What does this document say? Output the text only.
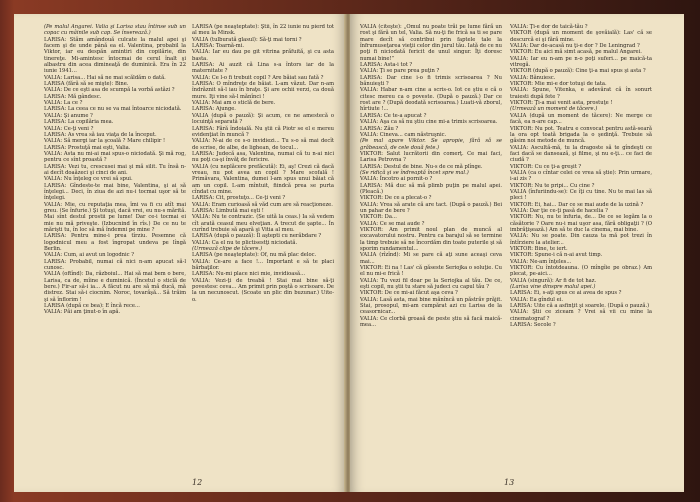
(Pe malul Angarei. Valia şi Larisa stau întinse sub un copac cu mâinile sub cap. Se înserează.)

LARISA: Stăm amândouă culcate la malul apei şi facem şi de unde până ea el. Valentina, probabil la Viktor, iar eu despăn amintiri din copilărie, din tinereţe. Mi-amintesc întocmai de cerul înalt şi albastru din acea dimineaţă de duminică. Era în 22 iunie 1941...

VALIA: Larisa... Hai să ne mai scăldăm o dată.

LARISA (fără să se mişte): Bine.

VALIA: De ce eşti asa de scumpă la vorbă astăzi ?

LARISA: Mă gândesc.

VALIA: La ce ?

LARISA: La ceea ce nu se va mai întoarce niciodată.

VALIA: Şi anume ?

LARISA: La copilăria mea.

VALIA: Ce-ţi veni ?

LARISA: As vrea să iau viaţa de la început.

VALIA: Să mergi iar la şcoală ? Mare chilipir !

LARISA: Prostuţă mai eşti, Valia.

VALIA: Asta nu mi-ai mai spus-o niciodată. Şi mă rog, pentru ce sînt proastă ?

LARISA: Vezi tu, crescusei mai şi mă silit. Tu însă n-ai decît doaăzeci şi cinci de ani.

VALIA: Nu înţeleg ce vrei să spui.

LARISA: Gîndeste-te mai bine, Valentina, şi ai să înţelegi... Deci, în ziua de azi nu-i tocmai uşor să te înţelegi.

VALIA: Mie, cu reputaţia mea, îmi va fi cu atît mai greu. (Se înfurie.) Şi totuşi, dacă vrei, eu nu-s mărită. Mai sînt destul prostii pe lume! Dar ce-i tocmai ei mie nu mă priveşte. (Izbucnind în rîs.) De ce nu te mărişti tu, în loc să mă îndemni pe mine ?

LARISA: Pentru mine-i prea tîrziu. Pesemne că logodnicul meu a fost îngropat undeva pe lîngă Berlin.

VALIA: Cum, ai avut un logodnic ?

LARISA: Probabil, numai că nici n-am apucat să-l cunosc.

VALIA (oftînd): Da, războiul... Hai să mai bem o bere, Larisa, ca de, mîine e duminică. (Încetul o sticlă de bere.) Fir-ar să-i ia... A făcut nu are să mă ducă, mă distrez. Stai să-i ciocnim. Noroc, tovarăşă... Să trăim şi să înflorim !

LARISA (după ce bea): E încă rece...

VALIA: Păi am ţinut-o în apă.

LARISA (pe neaşteptate): Ştii, în 22 iunie nu pierd tot al meu la Minsk.

VALIA (tulburată glasul): Să-ţi mai torni ?

LARISA: Toarnă-mi.

VALIA: Iar eu dau pe git vitrina prăfuită, şi cu asta basta.

LARISA: Ai auzit că Lina s-a întors iar de la maternitate ?

VALIA: Ce l-o fi trebuit copil ? Are băiat sau fată ?

LARISA: O mîndreţe de băiat. L-am văzut. Dar n-am îndrăznit să-l iau în braţe. Şi are ochii verzi, ca două mure. Iţi vine să-l mănînci !

VALIA: Mai am o sticlă de bere.

LARISA: Ajunge.

VALIA (după o pauză): Şi acum, ce ne amestecă o locuinţă separată ?

LARISA: Fără îndoială. Nu ştii că Piotr se el e mereu evidenţiat în muncă ?

VALIA: N-ai de ce s-o invidiezi... Tu s-o să mai decît de scrise, de albe, de lighean, de tocul...

LARISA: Judecă asa, Valentina, numai că tu n-ai nici nu poţi ca-şi învăţ de fericire.

VALIA (cu neplăcere prefăcută): Ei, aş! Crezi că dacă vreau, nu pot avea un copil ? Mare scofală ! Primăvara, Valentina, dumei l-am spus unui băiat că am un copil. L-am mîntuit, fiindcă prea se purta cîndat cu mine.

LARISA: Cit, prostuţo... Ce-ţi veni ?

VALIA: Eram curioasă să văd cum are să reacţioneze.

LARISA: Limbută mai eşti !

VALIA: Nu te contrazic. (Se uită la ceas.) Ia să vedem cît arată ceasul meu elveţian. A trecut de şapte... În curînd trebuie să apară şi Vitia al meu.

LARISA (după o pauză): Îl aştepti cu nerăbdare ?

VALIA: Ca el nu te plictisestţi niciodată.

(Urmează clipe de tăcere.)

LARISA (pe neaşteptate): Of, nu mă plac deloc.

VALIA: Ce-are a face !... Important e să te placi bărbaţilor.

LARISA: Nu-mi place nici mie, invidioasă...

VALIA: Vezi-ţi de treabă ! Stai mai bine să-ţi povestesc ceva... Am primit prin poştă o scrisoare. De la un necunoscut. (Scoate un plic din buzunar.) Uite-o.

12

VALIA (citeşte): „Omul nu poate trăi pe lume fără un rost şi fără un tel, Valia. Să nu-ţi fie frică sa ti se pare mare decît să contribui prin faptele tale la înfrumuseţarea vieţii celor din jurul tău. Iată de ce nu poţi fi niciodată fericit de unul singur. Îţi doresc numai bine!”

LARISA: Asta-i tot ?

VALIA: Ţi se pare prea puţin ?

LARISA: Dar cine i-o fi trimis scrisoarea ? Nu bănuieşti ?

VALIA: Habar n-am cine a scris-o. Iot ce ştiu e că o citesc mereu ca o poveste. (După o pauză.) Dar ce rost are ? (După deodată scrisoarea.) Luati-vă zborul, hîrtiute !...

LARISA: Ce te-a apucat ?

VALIA: Aşa ca să nu ştiu cine mi-a trimis scrisoarea.

LARISA: Zău ?

VALIA: Cineva... cam năstruşnic.

(Pe mal apare Viktor. Se apropie, fără să se grăbească, de cele două fete.)

VIKTOR: Salut lucrătorii din comerţ. Ce mai faci, Larisa Petrovna ?

LARISA: Destul de bine. Nu-s de ce mă plînge.

(Se ridică şi se îndreaptă încet spre mal.)

VALIA: Încotro ai pornit-o ?

LARISA: Mă duc să mă plimb puţin pe malul apei. (Pleacă.)

VIKTOR: De ce a plecat-o ?

VALIA: Vrea să arate că are tact. (După o pauză.) Bei un pahar de bere ?

VIKTOR: Da...

VALIA: Ce se mai aude ?

VIKTOR: Am primit noul plan de muncă al excavatorului nostru. Pentru ca barajul să se termine la timp trebuie să ne încordăm din toate puterile şi să sporim randamentul...

VALIA (rîzînd): Mi se pare că aţi sune aceaşi ceva mai...

VIKTOR: Ei na ! Las' că găseste Seriojka o soluţie. Cu el nu mi-e frică !

VALIA: Tu vezi fil doar pe la Seriojka al tău. De ce, eşti copil, nu ştii tu stare să judeci cu capul tău ?

VIKTOR: De ce mi-ai făcut aşa ceva ?

VALIA: Lasă asta, mai bine mănîncă un păstrăv prăjit. Stai, prosopul, mi-am cumpărat azi cu Larisa de la ceasornicar...

VALIA: Ce clorbă groasă de peste ştiu să facă maică-mea...

VALIA: Ţi-e dor de taică-tău ?

VIKTOR (după un moment de şovăială): Las' că se descurcă ei şi fără mine.

VALIA: Dar de-acasă nu ţi-e dor ? De Leningrad ?

VIKTOR: Eu aici mă simt acasă, pe malul Angarei.

VALIA: Iar eu n-am pe n-o poţi suferi... pe maică-ta vitregă.

VIKTOR (după o pauză): Cine ţi-a mai spus şi asta ?

VALIA: Bănuiesc.

VIKTOR: Mie mi-e dor totuşi de tata.

VALIA: Spune, Vitenka, e adevărat că în sonurt traiesti după fete ?

VIKTOR: Ţi-a mai venit asta, prostuţe !

(Urmează un moment de tăcere.)

VALIA (după un moment de tăcere): Ne merge ce facă, ea n-are cap...

VIKTOR: Nu pot. Teatru e convocat pentru astă-seară la ora opt toată brigada la o şedinţă. Trebuie să găsim noi metode de muncă.

VALIA: Ascultă-mă, tu la dragoste să te gîndeşti ce faci dacă se dansează, şi filme, şi nu e-ţi... ce faci de ciudă ?

VIKTOR: Cu ce ţi-a greşit ?

VALIA (ca o cîntar celei ce vrea să ştie): Prin urmare, i-ai zis ?

VIKTOR: Nu te pripi... Cu cine ?

VALIA (înfuriindu-se): Ce îţi cu tine. Nu te mai las să pleci !

VIKTOR: Ei, hai... Dar ce se mai aude de la uzină ?

VALIA: Dar ţie ce-ţi pasă de hacelia ?

VIKTOR: Nu, nu te înfuria, de... De ce se legăm la o căsătorie ? Oare nu-i mai uşor asa, fără obligaţii ? (O imbrăţişează.) Am să te duc la cinema, mai bine.

VALIA: Nu se poate. Din cauza ta mă pot trezi în întîrziere la atelier...

VIKTOR: Bine, te iert.

VIKTOR: Spune-i că n-ai avut timp.

VALIA: Ne-am înţeles...

VIKTOR: Cu întotdeauna. (O mîngîie pe obraz.) Am plecat, pe-aici...

VALIA (singură): Ar fi de tot haz.

(Larisa vine dinspre malul apei.)

LARISA: Ei, s-aţi spus ce ai avea de spus ?

VALIA: Ea gîndul ei.

LARISA: Uite că a asfinţit şi soarele. (După o pauză.)

VALIA: Ştii ce ziceam ? Vrei să vii cu mine la cinematograf ?

LARISA: Secole ?

13
